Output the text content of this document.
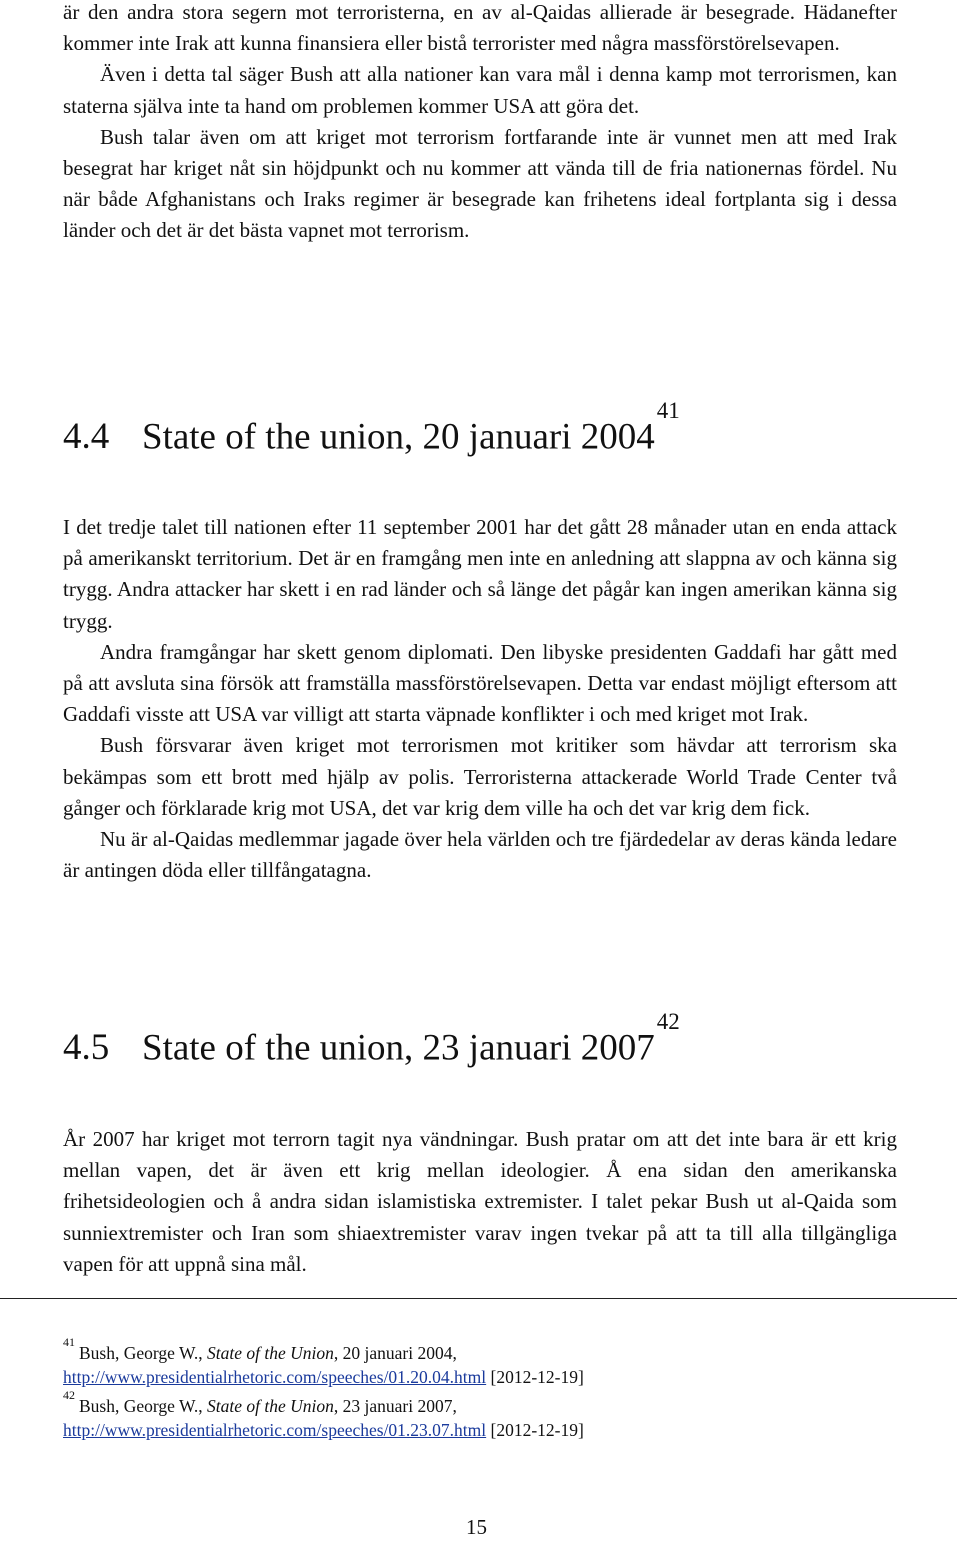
är den andra stora segern mot terroristerna, en av al-Qaidas allierade är besegrade. Hädanefter kommer inte Irak att kunna finansiera eller bistå terrorister med några massförstörelsevapen.

Även i detta tal säger Bush att alla nationer kan vara mål i denna kamp mot terrorismen, kan staterna själva inte ta hand om problemen kommer USA att göra det.

Bush talar även om att kriget mot terrorism fortfarande inte är vunnet men att med Irak besegrat har kriget nåt sin höjdpunkt och nu kommer att vända till de fria nationernas fördel. Nu när både Afghanistans och Iraks regimer är besegrade kan frihetens ideal fortplanta sig i dessa länder och det är det bästa vapnet mot terrorism.

4.4 State of the union, 20 januari 2004$^{41}$

I det tredje talet till nationen efter 11 september 2001 har det gått 28 månader utan en enda attack på amerikanskt territorium. Det är en framgång men inte en anledning att slappna av och känna sig trygg. Andra attacker har skett i en rad länder och så länge det pågår kan ingen amerikan känna sig trygg.

Andra framgångar har skett genom diplomati. Den libyske presidenten Gaddafi har gått med på att avsluta sina försök att framställa massförstörelsevapen. Detta var endast möjligt eftersom att Gaddafi visste att USA var villigt att starta väpnade konflikter i och med kriget mot Irak.

Bush försvarar även kriget mot terrorismen mot kritiker som hävdar att terrorism ska bekämpas som ett brott med hjälp av polis. Terroristerna attackerade World Trade Center två gånger och förklarade krig mot USA, det var krig dem ville ha och det var krig dem fick.

Nu är al-Qaidas medlemmar jagade över hela världen och tre fjärdedelar av deras kända ledare är antingen döda eller tillfångatagna.

4.5 State of the union, 23 januari 2007$^{42}$

År 2007 har kriget mot terrorn tagit nya vändningar. Bush pratar om att det inte bara är ett krig mellan vapen, det är även ett krig mellan ideologier. Å ena sidan den amerikanska frihetsideologien och å andra sidan islamistiska extremister. I talet pekar Bush ut al-Qaida som sunniextremister och Iran som shiaextremister varav ingen tvekar på att ta till alla tillgängliga vapen för att uppnå sina mål.

$^{41}$Bush, George W., State of the Union, 20 januari 2004,

http://www.presidentialrhetoric.com/speeches/01.20.04.html [2012-12-19]

$^{42}$Bush, George W., State of the Union, 23 januari 2007,

http://www.presidentialrhetoric.com/speeches/01.23.07.html [2012-12-19]

15
